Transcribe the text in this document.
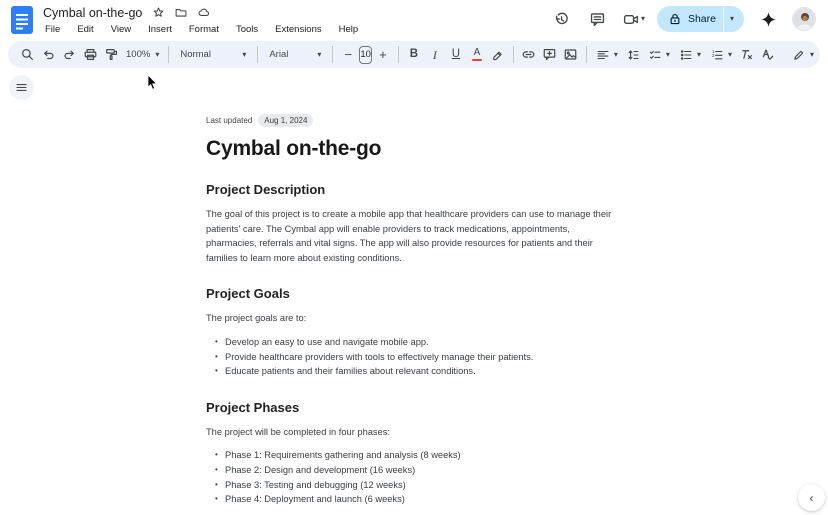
Cymbal on-the-go
File Edit View Insert Format Tools Extensions Help
▾	Share	▾
100% ▾ Normal	▾ Arial	▾	− 10 +	B	I	U	A	▾	▾	▾ 1
2 ▾	▾
Last updated	Aug 1, 2024
Cymbal on-the-go
Project Description

The goal of this project is to create a mobile app that healthcare providers can use to manage their patients' care. The Cymbal app will enable providers to track medications, appointments, pharmacies, referrals and vital signs. The app will also provide resources for patients and their families to learn more about existing conditions.

Project Goals

The project goals are to:

• Develop an easy to use and navigate mobile app.
• Provide healthcare providers with tools to effectively manage their patients.
• Educate patients and their families about relevant conditions.
Project Phases

The project will be completed in four phases:

• Phase 1: Requirements gathering and analysis (8 weeks)
• Phase 2: Design and development (16 weeks)
• Phase 3: Testing and debugging (12 weeks)
• Phase 4: Deployment and launch (6 weeks)	‹
